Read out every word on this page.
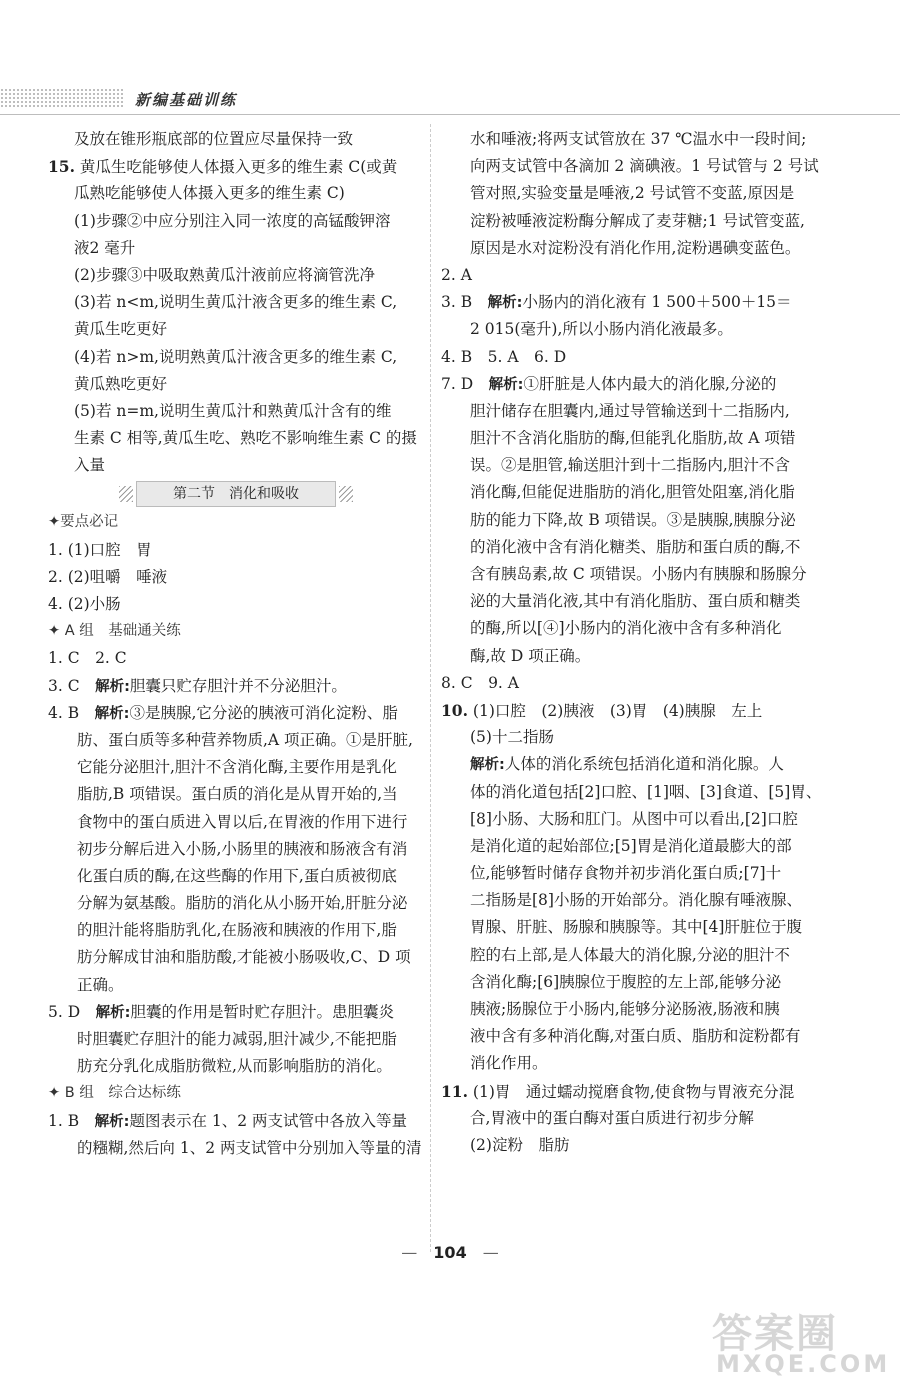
新编基础训练
及放在锥形瓶底部的位置应尽量保持一致
15. 黄瓜生吃能够使人体摄入更多的维生素 C(或黄
瓜熟吃能够使人体摄入更多的维生素 C)
(1)步骤②中应分别注入同一浓度的高锰酸钾溶
液2 毫升
(2)步骤③中吸取熟黄瓜汁液前应将滴管洗净
(3)若 n<m,说明生黄瓜汁液含更多的维生素 C,
黄瓜生吃更好
(4)若 n>m,说明熟黄瓜汁液含更多的维生素 C,
黄瓜熟吃更好
(5)若 n=m,说明生黄瓜汁和熟黄瓜汁含有的维
生素 C 相等,黄瓜生吃、熟吃不影响维生素 C 的摄
入量
第二节　消化和吸收
✦要点必记
1. (1)口腔　胃
2. (2)咀嚼　唾液
4. (2)小肠
✦ A 组　基础通关练
1. C　2. C
3. C　 解析:胆囊只贮存胆汁并不分泌胆汁。
4. B　 解析:③是胰腺,它分泌的胰液可消化淀粉、脂
肪、蛋白质等多种营养物质,A 项正确。①是肝脏,
它能分泌胆汁,胆汁不含消化酶,主要作用是乳化
脂肪,B 项错误。蛋白质的消化是从胃开始的,当
食物中的蛋白质进入胃以后,在胃液的作用下进行
初步分解后进入小肠,小肠里的胰液和肠液含有消
化蛋白质的酶,在这些酶的作用下,蛋白质被彻底
分解为氨基酸。脂肪的消化从小肠开始,肝脏分泌
的胆汁能将脂肪乳化,在肠液和胰液的作用下,脂
肪分解成甘油和脂肪酸,才能被小肠吸收,C、D 项
正确。
5. D　 解析:胆囊的作用是暂时贮存胆汁。患胆囊炎
时胆囊贮存胆汁的能力减弱,胆汁减少,不能把脂
肪充分乳化成脂肪微粒,从而影响脂肪的消化。
✦ B 组　综合达标练
1. B　 解析:题图表示在 1、2 两支试管中各放入等量
的糨糊,然后向 1、2 两支试管中分别加入等量的清
水和唾液;将两支试管放在 37 ℃温水中一段时间;
向两支试管中各滴加 2 滴碘液。1 号试管与 2 号试
管对照,实验变量是唾液,2 号试管不变蓝,原因是
淀粉被唾液淀粉酶分解成了麦芽糖;1 号试管变蓝,
原因是水对淀粉没有消化作用,淀粉遇碘变蓝色。
2. A
3. B　 解析:小肠内的消化液有 1 500＋500＋15＝
2 015(毫升),所以小肠内消化液最多。
4. B　5. A　6. D
7. D　 解析:①肝脏是人体内最大的消化腺,分泌的
胆汁储存在胆囊内,通过导管输送到十二指肠内,
胆汁不含消化脂肪的酶,但能乳化脂肪,故 A 项错
误。②是胆管,输送胆汁到十二指肠内,胆汁不含
消化酶,但能促进脂肪的消化,胆管处阻塞,消化脂
肪的能力下降,故 B 项错误。③是胰腺,胰腺分泌
的消化液中含有消化糖类、脂肪和蛋白质的酶,不
含有胰岛素,故 C 项错误。小肠内有胰腺和肠腺分
泌的大量消化液,其中有消化脂肪、蛋白质和糖类
的酶,所以[④]小肠内的消化液中含有多种消化
酶,故 D 项正确。
8. C　9. A
10. (1)口腔　(2)胰液　(3)胃　(4)胰腺　左上
(5)十二指肠
解析:人体的消化系统包括消化道和消化腺。人
体的消化道包括[2]口腔、[1]咽、[3]食道、[5]胃、
[8]小肠、大肠和肛门。从图中可以看出,[2]口腔
是消化道的起始部位;[5]胃是消化道最膨大的部
位,能够暂时储存食物并初步消化蛋白质;[7]十
二指肠是[8]小肠的开始部分。消化腺有唾液腺、
胃腺、肝脏、肠腺和胰腺等。其中[4]肝脏位于腹
腔的右上部,是人体最大的消化腺,分泌的胆汁不
含消化酶;[6]胰腺位于腹腔的左上部,能够分泌
胰液;肠腺位于小肠内,能够分泌肠液,肠液和胰
液中含有多种消化酶,对蛋白质、脂肪和淀粉都有
消化作用。
11. (1)胃　通过蠕动搅磨食物,使食物与胃液充分混
合,胃液中的蛋白酶对蛋白质进行初步分解
(2)淀粉　脂肪
—　 104　 —
答案圈
MXQE.COM
